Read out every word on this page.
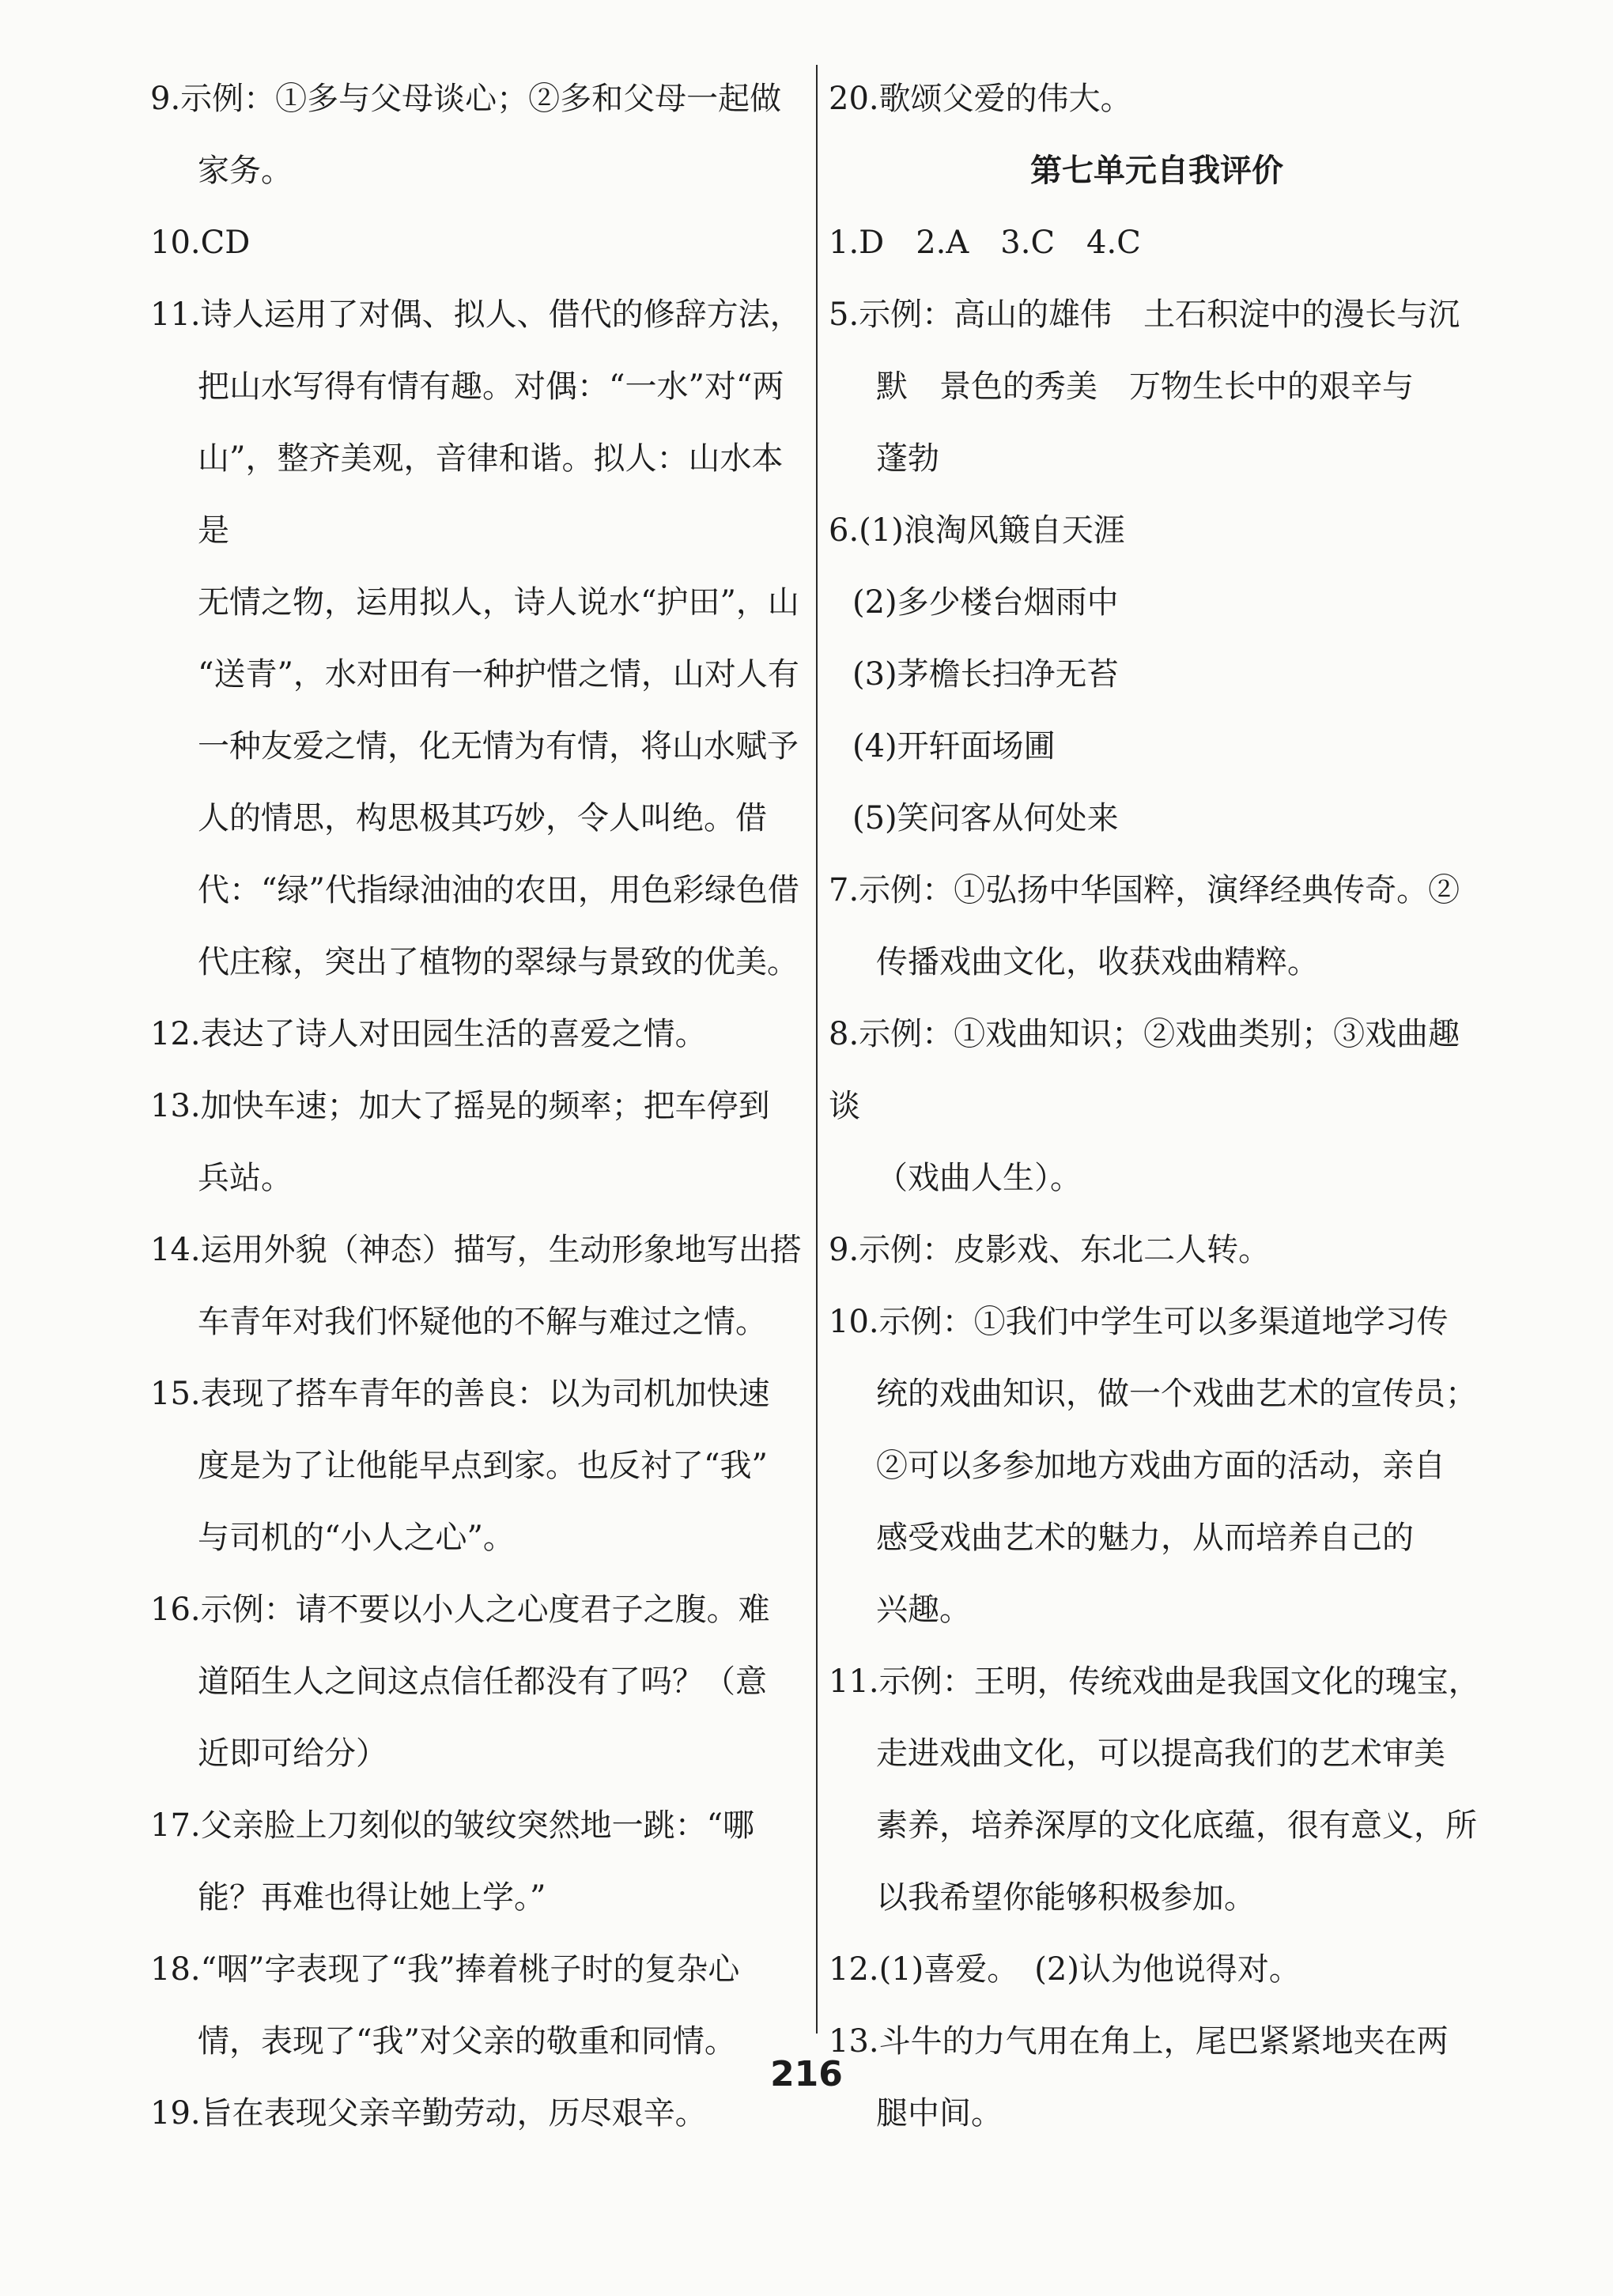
9.示例：①多与父母谈心；②多和父母一起做

家务。

10.CD

11.诗人运用了对偶、拟人、借代的修辞方法，

把山水写得有情有趣。对偶：“一水”对“两

山”，整齐美观，音律和谐。拟人：山水本是

无情之物，运用拟人，诗人说水“护田”，山

“送青”，水对田有一种护惜之情，山对人有

一种友爱之情，化无情为有情，将山水赋予

人的情思，构思极其巧妙，令人叫绝。借

代：“绿”代指绿油油的农田，用色彩绿色借

代庄稼，突出了植物的翠绿与景致的优美。

12.表达了诗人对田园生活的喜爱之情。

13.加快车速；加大了摇晃的频率；把车停到

兵站。

14.运用外貌（神态）描写，生动形象地写出搭

车青年对我们怀疑他的不解与难过之情。

15.表现了搭车青年的善良：以为司机加快速

度是为了让他能早点到家。也反衬了“我”

与司机的“小人之心”。

16.示例：请不要以小人之心度君子之腹。难

道陌生人之间这点信任都没有了吗？（意

近即可给分）

17.父亲脸上刀刻似的皱纹突然地一跳：“哪

能？再难也得让她上学。”

18.“咽”字表现了“我”捧着桃子时的复杂心

情，表现了“我”对父亲的敬重和同情。

19.旨在表现父亲辛勤劳动，历尽艰辛。

20.歌颂父爱的伟大。

第七单元自我评价

1.D　2.A　3.C　4.C

5.示例：高山的雄伟　土石积淀中的漫长与沉

默　景色的秀美　万物生长中的艰辛与

蓬勃

6.(1)浪淘风簸自天涯

(2)多少楼台烟雨中

(3)茅檐长扫净无苔

(4)开轩面场圃

(5)笑问客从何处来

7.示例：①弘扬中华国粹，演绎经典传奇。②

传播戏曲文化，收获戏曲精粹。

8.示例：①戏曲知识；②戏曲类别；③戏曲趣谈

（戏曲人生）。

9.示例：皮影戏、东北二人转。

10.示例：①我们中学生可以多渠道地学习传

统的戏曲知识，做一个戏曲艺术的宣传员；

②可以多参加地方戏曲方面的活动，亲自

感受戏曲艺术的魅力，从而培养自己的

兴趣。

11.示例：王明，传统戏曲是我国文化的瑰宝，

走进戏曲文化，可以提高我们的艺术审美

素养，培养深厚的文化底蕴，很有意义，所

以我希望你能够积极参加。

12.(1)喜爱。　(2)认为他说得对。

13.斗牛的力气用在角上，尾巴紧紧地夹在两

腿中间。

216
